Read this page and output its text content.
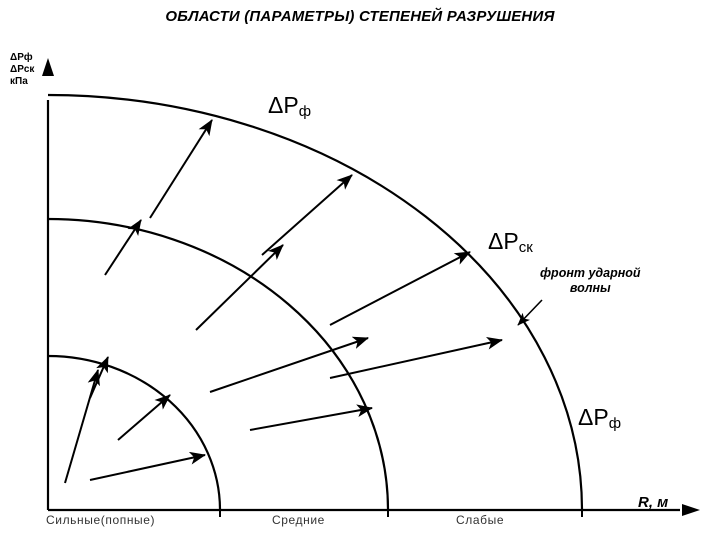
ОБЛАСТИ (ПАРАМЕТРЫ) СТЕПЕНЕЙ РАЗРУШЕНИЯ
ΔРф
ΔРск
кПа
ΔРф
ΔРск
ΔРф
фронт ударной
волны
Сильные(попные)	Средние	Слабые
R, м
